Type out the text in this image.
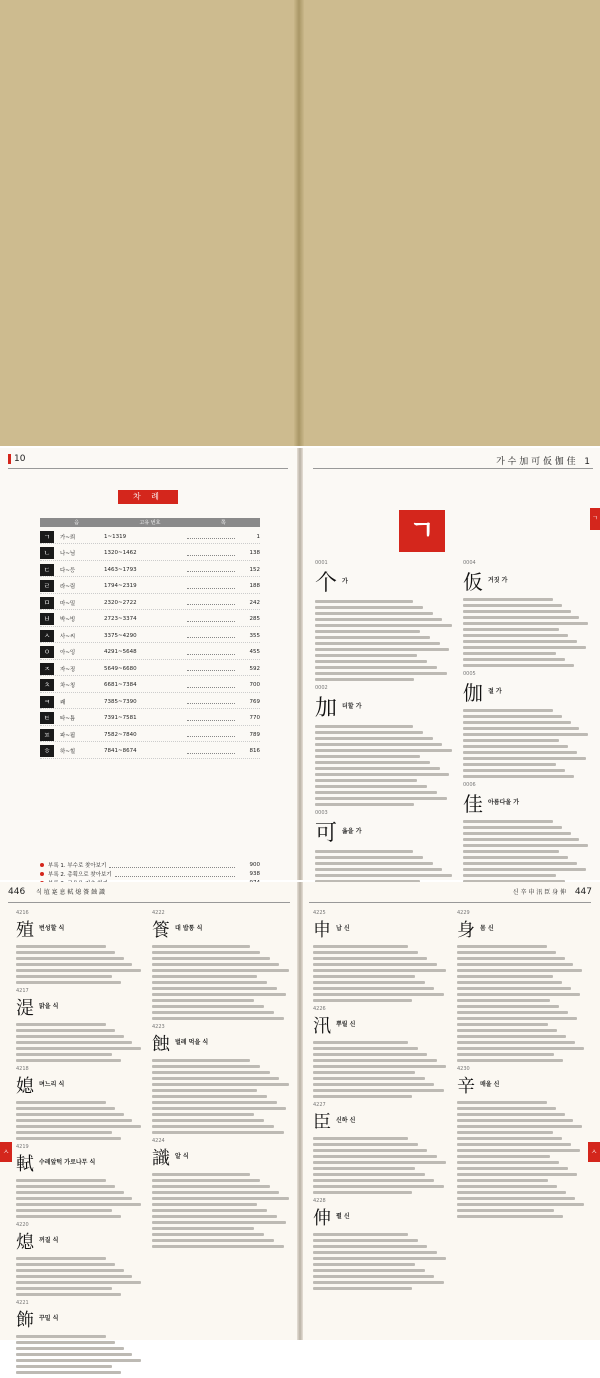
10
차 례
음	고유 번호	쪽
ㄱ	가~뢰	1~1319	1
ㄴ	나~님	1320~1462	138
ㄷ	다~등	1463~1793	152
ㄹ	라~림	1794~2319	188
ㅁ	마~밀	2320~2722	242
ㅂ	박~빙	2723~3374	285
ㅅ	사~씨	3375~4290	355
ㅇ	아~잉	4291~5648	455
ㅈ	자~징	5649~6680	592
ㅊ	차~칭	6681~7384	700
ㅋ	쾌	7385~7390	769
ㅌ	타~틈	7391~7581	770
ㅍ	파~핍	7582~7840	789
ㅎ	하~힐	7841~8674	816
부록 1. 부수로 찾아보기	900
부록 2. 총획으로 찾아보기	938
가 수 加 可 仮 伽 佳 1
ㄱ	ㄱ
0001
个 가
0002
加 더할 가
0003
可 옳을 가
0004
仮 거짓 가
0005
伽 절 가
0006
佳 아름다울 가
446 식 埴 寔 息 軾 熄 篒 蝕 識
ㅅ
4216
殖 번성할 식
4217
湜 맑을 식
4218
媳 며느리 식
4219
軾 수레앞턱 가로나무 식
4220
熄 꺼질 식
4221
飾 꾸밀 식
4222
篒 대 밥통 식
4223
蝕 벌레 먹을 식
4224
識 알 식
신 辛 申 汛 臣 身 伸 447
ㅅ
4225
申 납 신
4226
汛 뿌릴 신
4227
臣 신하 신
4228
伸 펼 신
4229
身 몸 신
4230
辛 매울 신
